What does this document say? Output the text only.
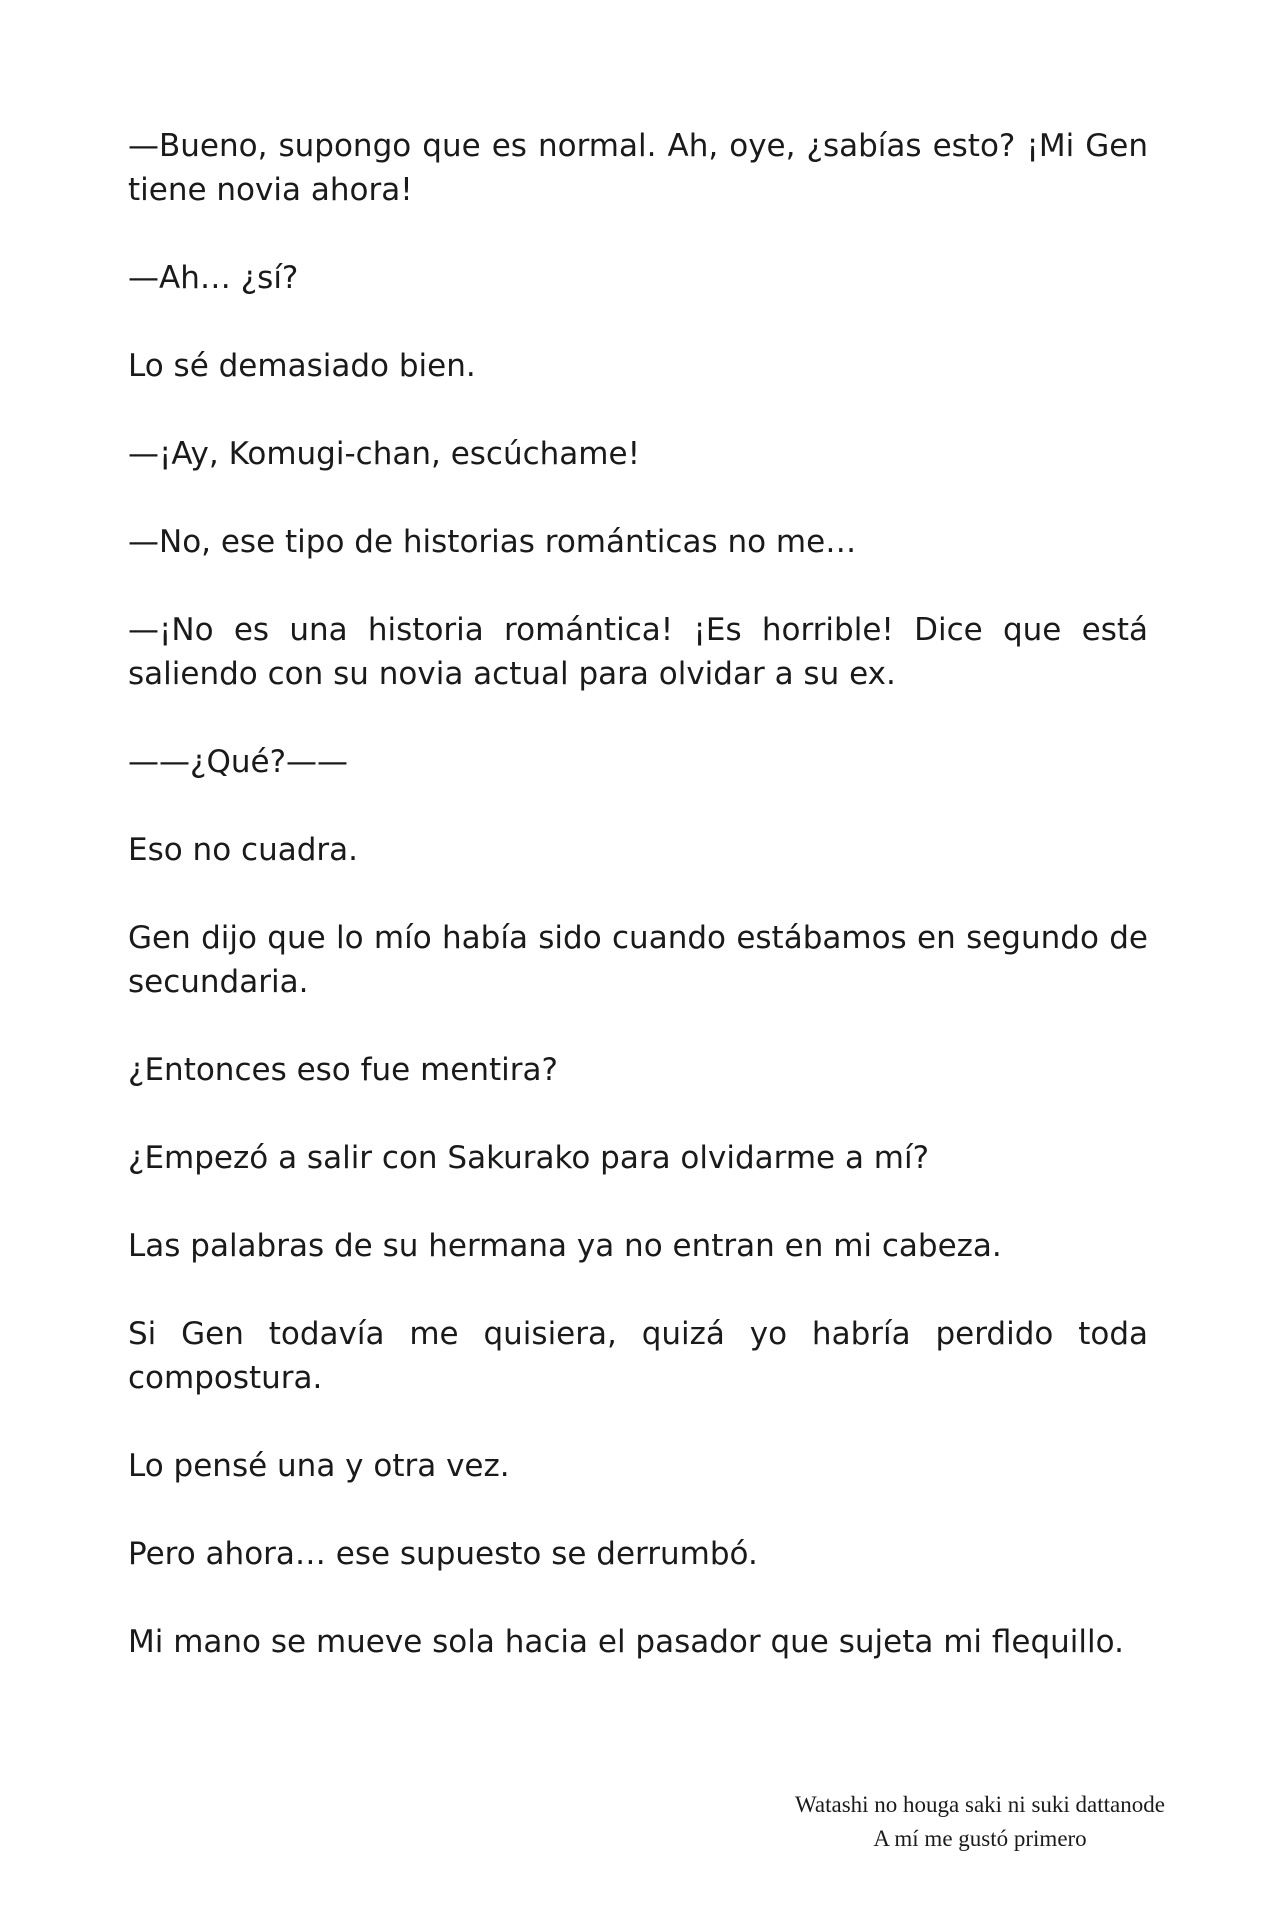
—Bueno, supongo que es normal. Ah, oye, ¿sabías esto? ¡Mi Gen tiene novia ahora!

—Ah… ¿sí?

Lo sé demasiado bien.

—¡Ay, Komugi-chan, escúchame!

—No, ese tipo de historias románticas no me…

—¡No es una historia romántica! ¡Es horrible! Dice que está saliendo con su novia actual para olvidar a su ex.

——¿Qué?——

Eso no cuadra.

Gen dijo que lo mío había sido cuando estábamos en segundo de secundaria.

¿Entonces eso fue mentira?

¿Empezó a salir con Sakurako para olvidarme a mí?

Las palabras de su hermana ya no entran en mi cabeza.

Si Gen todavía me quisiera, quizá yo habría perdido toda compostura.

Lo pensé una y otra vez.

Pero ahora… ese supuesto se derrumbó.

Mi mano se mueve sola hacia el pasador que sujeta mi flequillo.

Watashi no houga saki ni suki dattanode
A mí me gustó primero
